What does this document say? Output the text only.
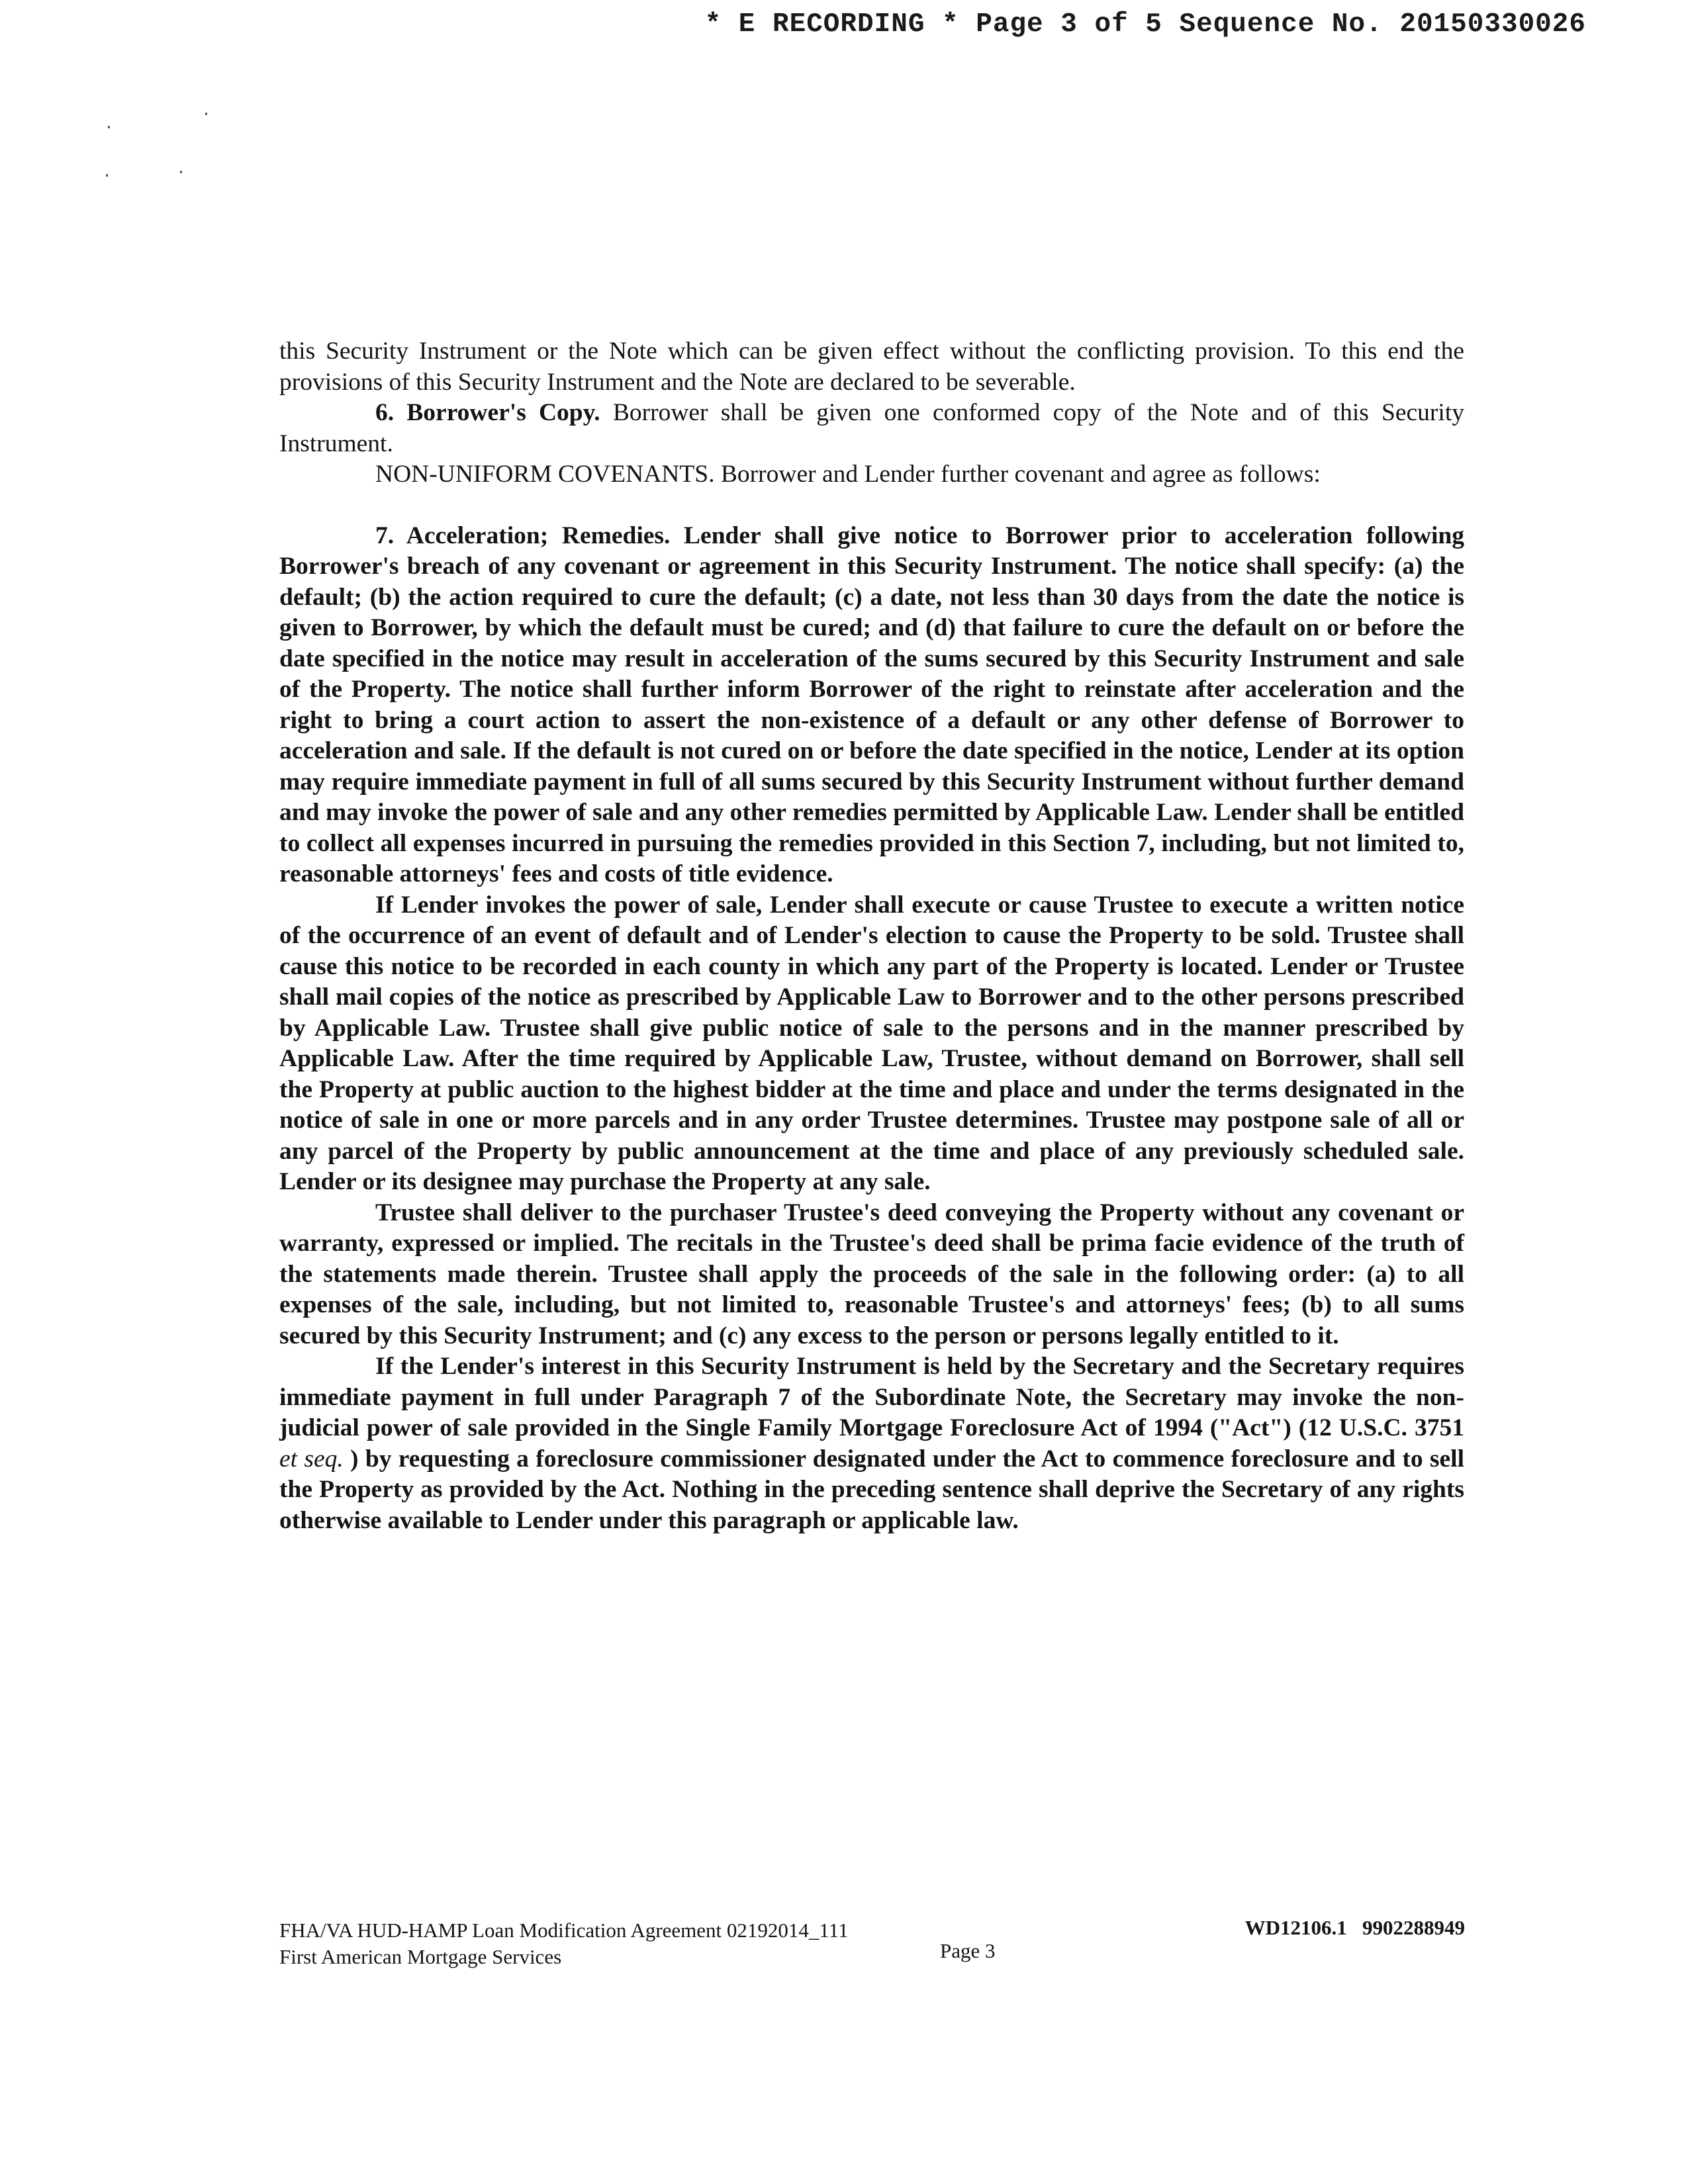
* E RECORDING * Page 3 of 5 Sequence No. 20150330026

this Security Instrument or the Note which can be given effect without the conflicting provision. To this end the provisions of this Security Instrument and the Note are declared to be severable.

6. Borrower's Copy. Borrower shall be given one conformed copy of the Note and of this Security Instrument.

NON-UNIFORM COVENANTS. Borrower and Lender further covenant and agree as follows:

7. Acceleration; Remedies. Lender shall give notice to Borrower prior to acceleration following Borrower's breach of any covenant or agreement in this Security Instrument. The notice shall specify: (a) the default; (b) the action required to cure the default; (c) a date, not less than 30 days from the date the notice is given to Borrower, by which the default must be cured; and (d) that failure to cure the default on or before the date specified in the notice may result in acceleration of the sums secured by this Security Instrument and sale of the Property. The notice shall further inform Borrower of the right to reinstate after acceleration and the right to bring a court action to assert the non-existence of a default or any other defense of Borrower to acceleration and sale. If the default is not cured on or before the date specified in the notice, Lender at its option may require immediate payment in full of all sums secured by this Security Instrument without further demand and may invoke the power of sale and any other remedies permitted by Applicable Law. Lender shall be entitled to collect all expenses incurred in pursuing the remedies provided in this Section 7, including, but not limited to, reasonable attorneys' fees and costs of title evidence.

If Lender invokes the power of sale, Lender shall execute or cause Trustee to execute a written notice of the occurrence of an event of default and of Lender's election to cause the Property to be sold. Trustee shall cause this notice to be recorded in each county in which any part of the Property is located. Lender or Trustee shall mail copies of the notice as prescribed by Applicable Law to Borrower and to the other persons prescribed by Applicable Law. Trustee shall give public notice of sale to the persons and in the manner prescribed by Applicable Law. After the time required by Applicable Law, Trustee, without demand on Borrower, shall sell the Property at public auction to the highest bidder at the time and place and under the terms designated in the notice of sale in one or more parcels and in any order Trustee determines. Trustee may postpone sale of all or any parcel of the Property by public announcement at the time and place of any previously scheduled sale. Lender or its designee may purchase the Property at any sale.

Trustee shall deliver to the purchaser Trustee's deed conveying the Property without any covenant or warranty, expressed or implied. The recitals in the Trustee's deed shall be prima facie evidence of the truth of the statements made therein. Trustee shall apply the proceeds of the sale in the following order: (a) to all expenses of the sale, including, but not limited to, reasonable Trustee's and attorneys' fees; (b) to all sums secured by this Security Instrument; and (c) any excess to the person or persons legally entitled to it.

If the Lender's interest in this Security Instrument is held by the Secretary and the Secretary requires immediate payment in full under Paragraph 7 of the Subordinate Note, the Secretary may invoke the non-judicial power of sale provided in the Single Family Mortgage Foreclosure Act of 1994 ("Act") (12 U.S.C. 3751 et seq. ) by requesting a foreclosure commissioner designated under the Act to commence foreclosure and to sell the Property as provided by the Act. Nothing in the preceding sentence shall deprive the Secretary of any rights otherwise available to Lender under this paragraph or applicable law.

FHA/VA HUD-HAMP Loan Modification Agreement 02192014_111
First American Mortgage Services	Page 3
WD12106.1   9902288949
